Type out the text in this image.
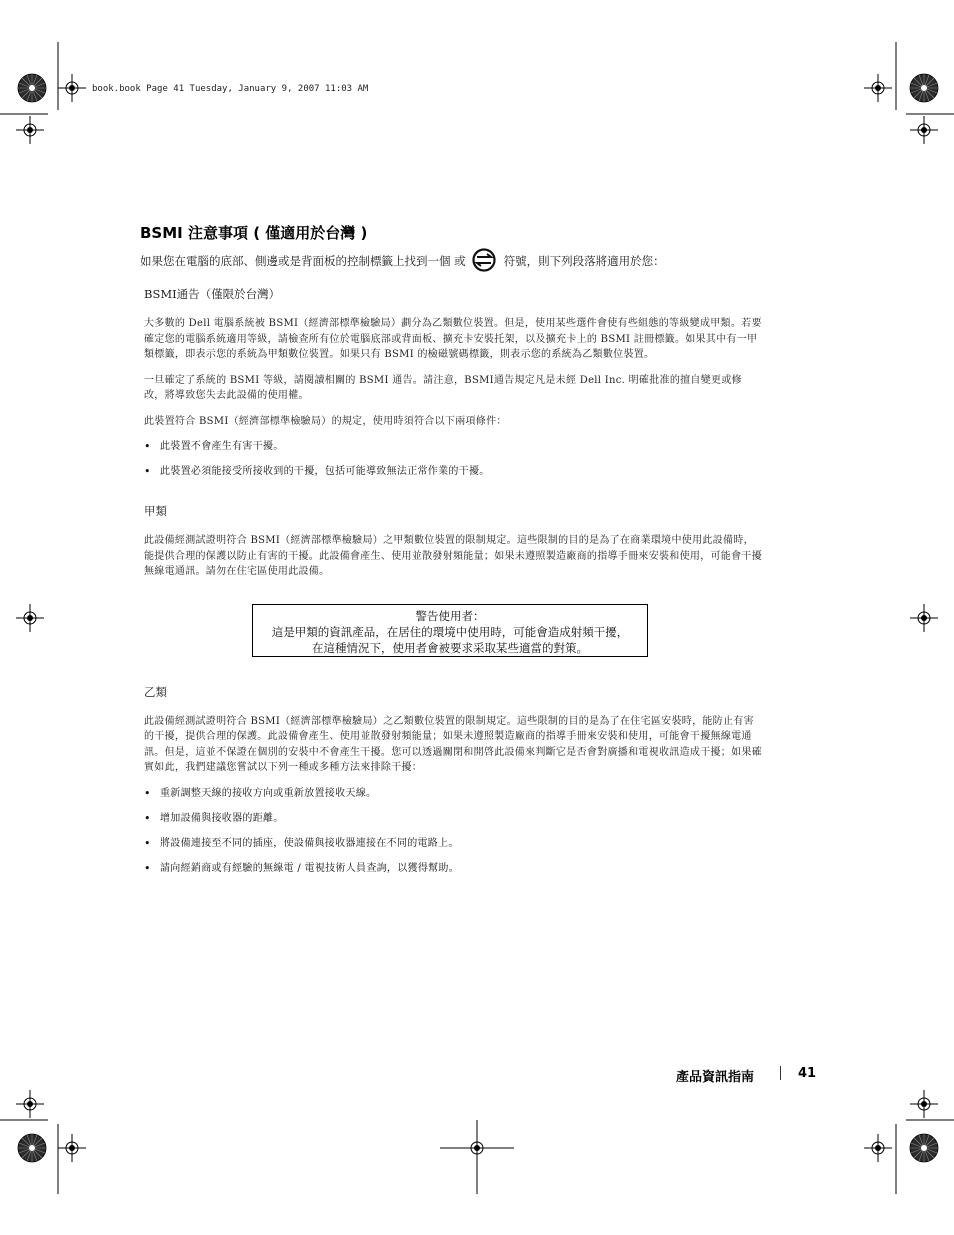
book.book Page 41 Tuesday, January 9, 2007 11:03 AM
BSMI 注意事項 ( 僅適用於台灣 )
如果您在電腦的底部、側邊或是背面板的控制標籤上找到一個 或	符號，則下列段落將適用於您：

BSMI通告（僅限於台灣）

大多數的 Dell 電腦系統被 BSMI（經濟部標準檢驗局）劃分為乙類數位裝置。但是，使用某些選件會使有些組態的等級變成甲類。若要確定您的電腦系統適用等級，請檢查所有位於電腦底部或背面板、擴充卡安裝托架，以及擴充卡上的 BSMI 註冊標籤。如果其中有一甲類標籤，即表示您的系統為甲類數位裝置。如果只有 BSMI 的檢磁號碼標籤，則表示您的系統為乙類數位裝置。

一旦確定了系統的 BSMI 等級，請閱讀相關的 BSMI 通告。請注意，BSMI通告規定凡是未經 Dell Inc. 明確批准的擅自變更或修改，將導致您失去此設備的使用權。

此裝置符合 BSMI（經濟部標準檢驗局）的規定，使用時須符合以下兩項條件：

• 此裝置不會產生有害干擾。
• 此裝置必須能接受所接收到的干擾，包括可能導致無法正常作業的干擾。

甲類

此設備經測試證明符合 BSMI（經濟部標準檢驗局）之甲類數位裝置的限制規定。這些限制的目的是為了在商業環境中使用此設備時，能提供合理的保護以防止有害的干擾。此設備會產生、使用並散發射頻能量；如果未遵照製造廠商的指導手冊來安裝和使用，可能會干擾無線電通訊。請勿在住宅區使用此設備。

乙類

此設備經測試證明符合 BSMI（經濟部標準檢驗局）之乙類數位裝置的限制規定。這些限制的目的是為了在住宅區安裝時，能防止有害的干擾，提供合理的保護。此設備會產生、使用並散發射頻能量；如果未遵照製造廠商的指導手冊來安裝和使用，可能會干擾無線電通訊。但是，這並不保證在個別的安裝中不會產生干擾。您可以透過關閉和開啓此設備來判斷它是否會對廣播和電視收訊造成干擾；如果確實如此，我們建議您嘗試以下列一種或多種方法來排除干擾：

• 重新調整天線的接收方向或重新放置接收天線。
• 增加設備與接收器的距離。
• 將設備連接至不同的插座，使設備與接收器連接在不同的電路上。
• 請向經銷商或有經驗的無線電 / 電視技術人員查詢，以獲得幫助。
警告使用者：
這是甲類的資訊產品，在居住的環境中使用時，可能會造成射頻干擾，
在這種情況下，使用者會被要求采取某些適當的對策。
產品資訊指南	41
